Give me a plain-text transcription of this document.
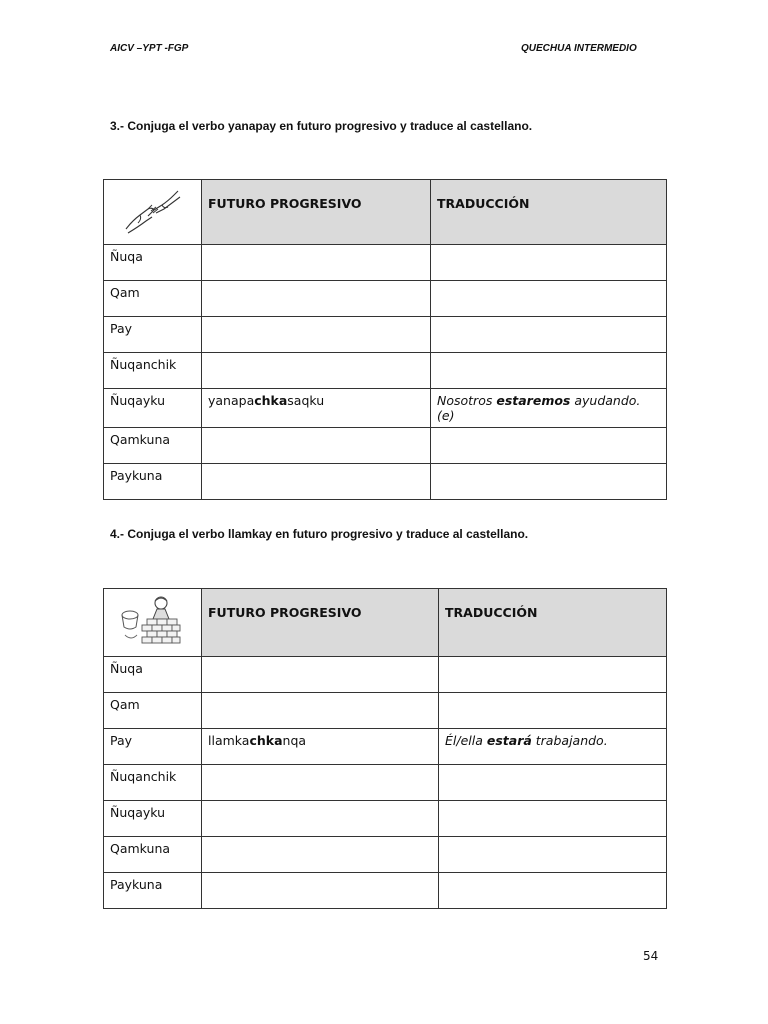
AICV –YPT -FGP	QUECHUA INTERMEDIO
3.- Conjuga el verbo yanapay en futuro progresivo y traduce al castellano.
	FUTURO PROGRESIVO	TRADUCCIÓN
Ñuqa		
Qam		
Pay		
Ñuqanchik		
Ñuqayku	yanapachkasaqku	Nosotros estaremos ayudando. (e)
Qamkuna		
Paykuna		
4.- Conjuga el verbo llamkay en futuro progresivo y traduce al castellano.
	FUTURO PROGRESIVO	TRADUCCIÓN
Ñuqa		
Qam		
Pay	llamkachkanqa	Él/ella estará trabajando.
Ñuqanchik		
Ñuqayku		
Qamkuna		
Paykuna		
54
